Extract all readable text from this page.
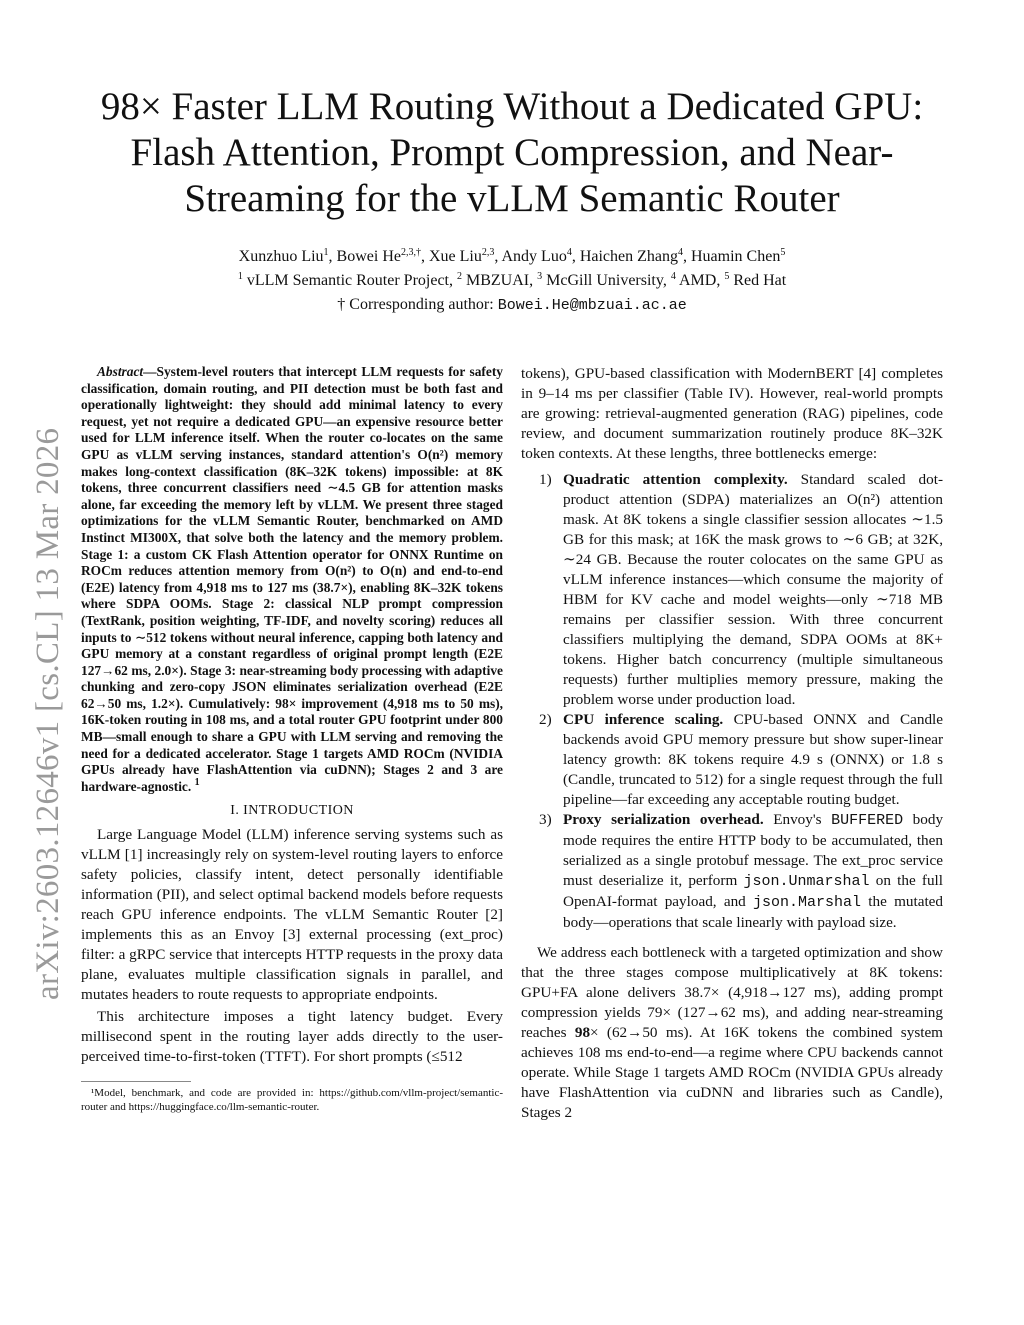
arXiv:2603.12646v1 [cs.CL] 13 Mar 2026
98× Faster LLM Routing Without a Dedicated GPU: Flash Attention, Prompt Compression, and Near-Streaming for the vLLM Semantic Router
Xunzhuo Liu$^1$, Bowei $He^{2,3,\dagger}$, Xue Liu$^{2,3}$, Andy Luo$^4$, Haichen Zhang$^4$, Huamin Chen$^5$
$^1$ vLLM Semantic Router Project, $^2$ MBZUAI, $^3$ McGill University, $^4$ AMD, $^5$ Red Hat
† Corresponding author: Bowei.He@mbzuai.ac.ae

Abstract—System-level routers that intercept LLM requests for safety classification, domain routing, and PII detection must be both fast and operationally lightweight: they should add minimal latency to every request, yet not require a dedicated GPU—an expensive resource better used for LLM inference itself. When the router co-locates on the same GPU as vLLM serving instances, standard attention's O(n²) memory makes long-context classification (8K–32K tokens) impossible: at 8K tokens, three concurrent classifiers need ∼4.5 GB for attention masks alone, far exceeding the memory left by vLLM. We present three staged optimizations for the vLLM Semantic Router, benchmarked on AMD Instinct MI300X, that solve both the latency and the memory problem. Stage 1: a custom CK Flash Attention operator for ONNX Runtime on ROCm reduces attention memory from O(n²) to O(n) and end-to-end (E2E) latency from 4,918 ms to 127 ms (38.7×), enabling 8K–32K tokens where SDPA OOMs. Stage 2: classical NLP prompt compression (TextRank, position weighting, TF-IDF, and novelty scoring) reduces all inputs to ∼512 tokens without neural inference, capping both latency and GPU memory at a constant regardless of original prompt length (E2E 127→62 ms, 2.0×). Stage 3: near-streaming body processing with adaptive chunking and zero-copy JSON eliminates serialization overhead (E2E 62→50 ms, 1.2×). Cumulatively: 98× improvement (4,918 ms to 50 ms), 16K-token routing in 108 ms, and a total router GPU footprint under 800 MB—small enough to share a GPU with LLM serving and removing the need for a dedicated accelerator. Stage 1 targets AMD ROCm (NVIDIA GPUs already have FlashAttention via cuDNN); Stages 2 and 3 are hardware-agnostic. $^1$

I. INTRODUCTION

Large Language Model (LLM) inference serving systems such as vLLM [1] increasingly rely on system-level routing layers to enforce safety policies, classify intent, detect personally identifiable information (PII), and select optimal backend models before requests reach GPU inference endpoints. The vLLM Semantic Router [2] implements this as an Envoy [3] external processing (ext_proc) filter: a gRPC service that intercepts HTTP requests in the proxy data plane, evaluates multiple classification signals in parallel, and mutates headers to route requests to appropriate endpoints.

This architecture imposes a tight latency budget. Every millisecond spent in the routing layer adds directly to the user-perceived time-to-first-token (TTFT). For short prompts (≤512

¹Model, benchmark, and code are provided in: https://github.com/vllm-project/semantic-router and https://huggingface.co/llm-semantic-router.

tokens), GPU-based classification with ModernBERT [4] completes in 9–14 ms per classifier (Table IV). However, real-world prompts are growing: retrieval-augmented generation (RAG) pipelines, code review, and document summarization routinely produce 8K–32K token contexts. At these lengths, three bottlenecks emerge:

1) Quadratic attention complexity. Standard scaled dot-product attention (SDPA) materializes an O(n²) attention mask. At 8K tokens a single classifier session allocates ∼1.5 GB for this mask; at 16K the mask grows to ∼6 GB; at 32K, ∼24 GB. Because the router colocates on the same GPU as vLLM inference instances—which consume the majority of HBM for KV cache and model weights—only ∼718 MB remains per classifier session. With three concurrent classifiers multiplying the demand, SDPA OOMs at 8K+ tokens. Higher batch concurrency (multiple simultaneous requests) further multiplies memory pressure, making the problem worse under production load.
2) CPU inference scaling. CPU-based ONNX and Candle backends avoid GPU memory pressure but show super-linear latency growth: 8K tokens require 4.9 s (ONNX) or 1.8 s (Candle, truncated to 512) for a single request through the full pipeline—far exceeding any acceptable routing budget.
3) Proxy serialization overhead. Envoy's BUFFERED body mode requires the entire HTTP body to be accumulated, then serialized as a single protobuf message. The ext_proc service must deserialize it, perform json.Unmarshal on the full OpenAI-format payload, and json.Marshal the mutated body—operations that scale linearly with payload size.

We address each bottleneck with a targeted optimization and show that the three stages compose multiplicatively at 8K tokens: GPU+FA alone delivers 38.7× (4,918→127 ms), adding prompt compression yields 79× (127→62 ms), and adding near-streaming reaches 98× (62→50 ms). At 16K tokens the combined system achieves 108 ms end-to-end—a regime where CPU backends cannot operate. While Stage 1 targets AMD ROCm (NVIDIA GPUs already have FlashAttention via cuDNN and libraries such as Candle), Stages 2
